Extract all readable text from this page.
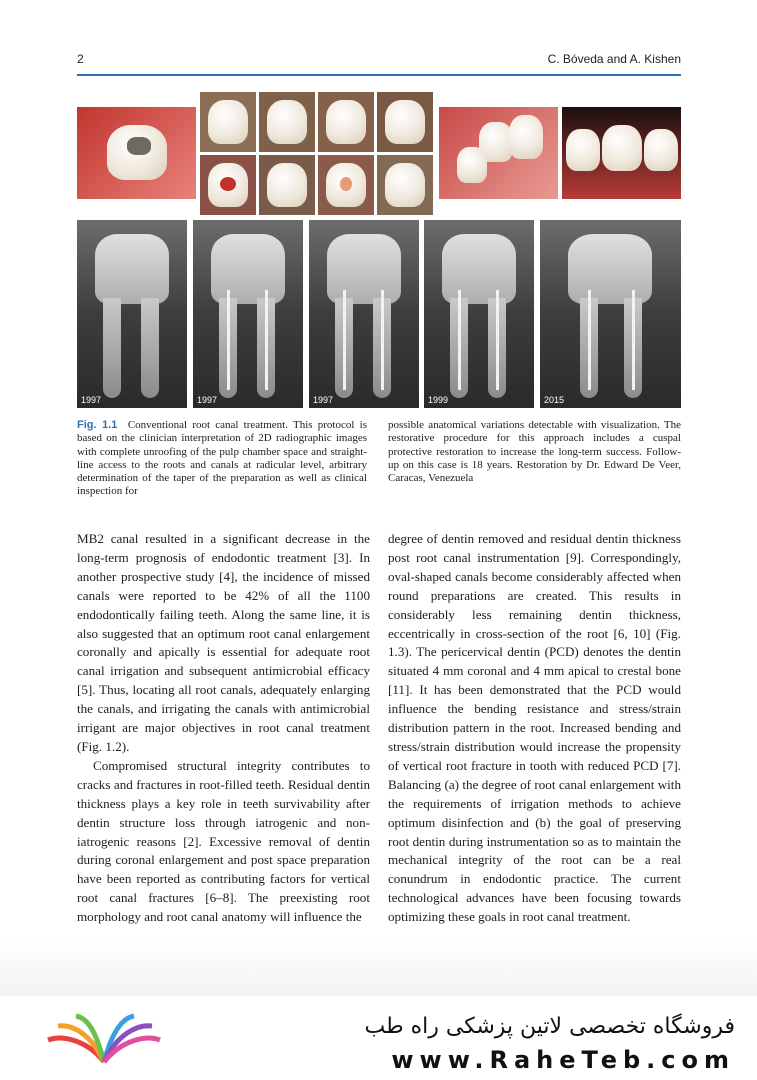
2	C. Bóveda and A. Kishen
1997	1997	1997	1999	2015
Fig. 1.1 Conventional root canal treatment. This protocol is based on the clinician interpretation of 2D radiographic images with complete unroofing of the pulp chamber space and straight-line access to the roots and canals at radicular level, arbitrary determination of the taper of the preparation as well as clinical inspection for
possible anatomical variations detectable with visualization. The restorative procedure for this approach includes a cuspal protective restoration to increase the long-term success. Follow-up on this case is 18 years. Restoration by Dr. Edward De Veer, Caracas, Venezuela

MB2 canal resulted in a significant decrease in the long-term prognosis of endodontic treatment [3]. In another prospective study [4], the incidence of missed canals were reported to be 42% of all the 1100 endodontically failing teeth. Along the same line, it is also suggested that an optimum root canal enlargement coronally and apically is essential for adequate root canal irrigation and subsequent antimicrobial efficacy [5]. Thus, locating all root canals, adequately enlarging the canals, and irrigating the canals with antimicrobial irrigant are major objectives in root canal treatment (Fig. 1.2).

Compromised structural integrity contributes to cracks and fractures in root-filled teeth. Residual dentin thickness plays a key role in teeth survivability after dentin structure loss through iatrogenic and non-iatrogenic reasons [2]. Excessive removal of dentin during coronal enlargement and post space preparation have been reported as contributing factors for vertical root canal fractures [6–8]. The preexisting root morphology and root canal anatomy will influence the

degree of dentin removed and residual dentin thickness post root canal instrumentation [9]. Correspondingly, oval-shaped canals become considerably affected when round preparations are created. This results in considerably less remaining dentin thickness, eccentrically in cross-section of the root [6, 10] (Fig. 1.3). The pericervical dentin (PCD) denotes the dentin situated 4 mm coronal and 4 mm apical to crestal bone [11]. It has been demonstrated that the PCD would influence the bending resistance and stress/strain distribution pattern in the root. Increased bending and stress/strain distribution would increase the propensity of vertical root fracture in tooth with reduced PCD [7]. Balancing (a) the degree of root canal enlargement with the requirements of irrigation methods to achieve optimum disinfection and (b) the goal of preserving root dentin during instrumentation so as to maintain the mechanical integrity of the root can be a real conundrum in endodontic practice. The current technological advances have been focusing towards optimizing these goals in root canal treatment.

فروشگاه تخصصی لاتین پزشکی راه طب
www.RaheTeb.com
